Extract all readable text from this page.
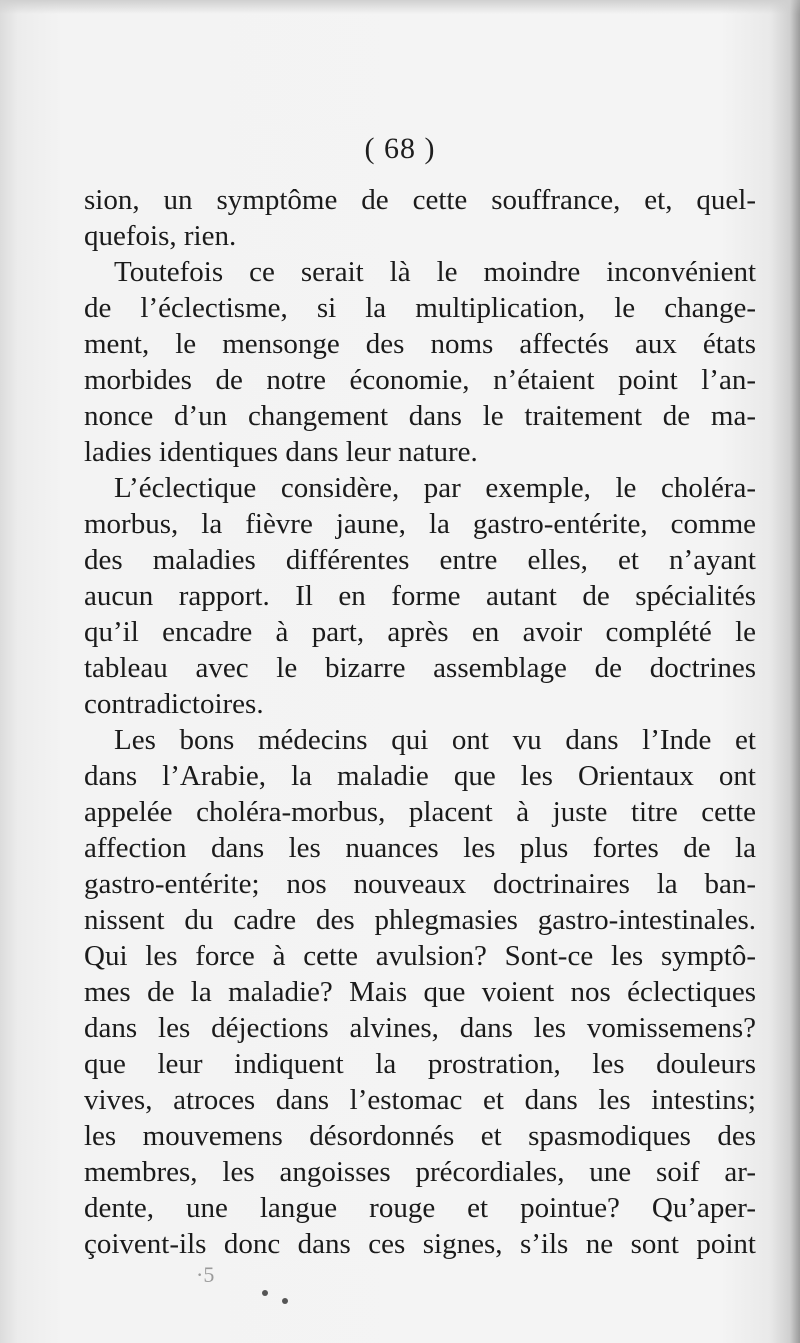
( 68 )
sion, un symptôme de cette souffrance, et, quel-
quefois, rien.
Toutefois ce serait là le moindre inconvénient
de l’éclectisme, si la multiplication, le change-
ment, le mensonge des noms affectés aux états
morbides de notre économie, n’étaient point l’an-
nonce d’un changement dans le traitement de ma-
ladies identiques dans leur nature.
L’éclectique considère, par exemple, le choléra-
morbus, la fièvre jaune, la gastro-entérite, comme
des maladies différentes entre elles, et n’ayant
aucun rapport. Il en forme autant de spécialités
qu’il encadre à part, après en avoir complété le
tableau avec le bizarre assemblage de doctrines
contradictoires.
Les bons médecins qui ont vu dans l’Inde et
dans l’Arabie, la maladie que les Orientaux ont
appelée choléra-morbus, placent à juste titre cette
affection dans les nuances les plus fortes de la
gastro-entérite; nos nouveaux doctrinaires la ban-
nissent du cadre des phlegmasies gastro-intestinales.
Qui les force à cette avulsion? Sont-ce les symptô-
mes de la maladie? Mais que voient nos éclectiques
dans les déjections alvines, dans les vomissemens?
que leur indiquent la prostration, les douleurs
vives, atroces dans l’estomac et dans les intestins;
les mouvemens désordonnés et spasmodiques des
membres, les angoisses précordiales, une soif ar-
dente, une langue rouge et pointue? Qu’aper-
çoivent-ils donc dans ces signes, s’ils ne sont point
·5
